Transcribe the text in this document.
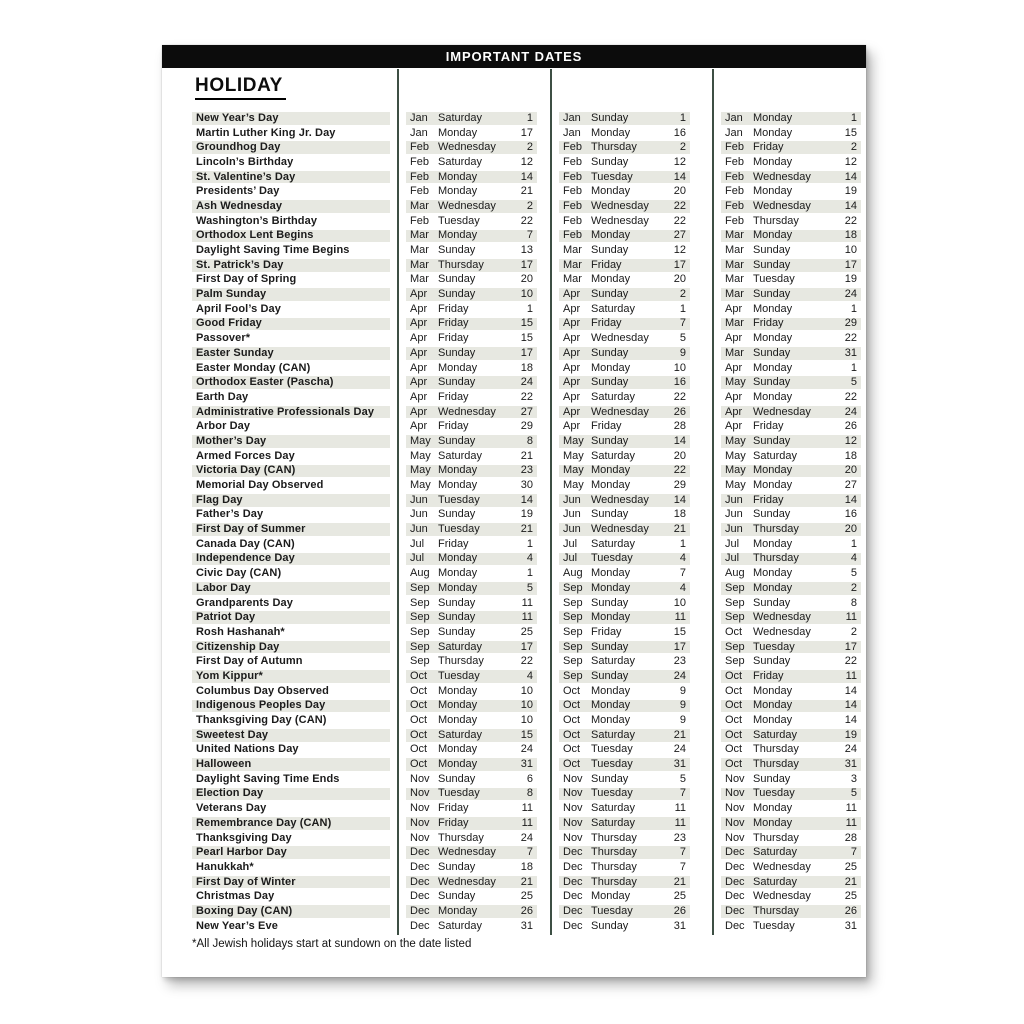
IMPORTANT DATES
HOLIDAY
New Year’s Day	Jan Saturday	1	Jan Sunday	1	Jan Monday	1
Martin Luther King Jr. Day	Jan Monday	17	Jan Monday	16	Jan Monday	15
Groundhog Day	Feb Wednesday	2	Feb Thursday	2	Feb Friday	2
Lincoln’s Birthday	Feb Saturday	12	Feb Sunday	12	Feb Monday	12
St. Valentine’s Day	Feb Monday	14	Feb Tuesday	14	Feb Wednesday	14
Presidents’ Day	Feb Monday	21	Feb Monday	20	Feb Monday	19
Ash Wednesday	Mar Wednesday	2	Feb Wednesday	22	Feb Wednesday	14
Washington’s Birthday	Feb Tuesday	22	Feb Wednesday	22	Feb Thursday	22
Orthodox Lent Begins	Mar Monday	7	Feb Monday	27	Mar Monday	18
Daylight Saving Time Begins	Mar Sunday	13	Mar Sunday	12	Mar Sunday	10
St. Patrick’s Day	Mar Thursday	17	Mar Friday	17	Mar Sunday	17
First Day of Spring	Mar Sunday	20	Mar Monday	20	Mar Tuesday	19
Palm Sunday	Apr Sunday	10	Apr Sunday	2	Mar Sunday	24
April Fool’s Day	Apr Friday	1	Apr Saturday	1	Apr Monday	1
Good Friday	Apr Friday	15	Apr Friday	7	Mar Friday	29
Passover*	Apr Friday	15	Apr Wednesday	5	Apr Monday	22
Easter Sunday	Apr Sunday	17	Apr Sunday	9	Mar Sunday	31
Easter Monday (CAN)	Apr Monday	18	Apr Monday	10	Apr Monday	1
Orthodox Easter (Pascha)	Apr Sunday	24	Apr Sunday	16	May Sunday	5
Earth Day	Apr Friday	22	Apr Saturday	22	Apr Monday	22
Administrative Professionals Day	Apr Wednesday	27	Apr Wednesday	26	Apr Wednesday	24
Arbor Day	Apr Friday	29	Apr Friday	28	Apr Friday	26
Mother’s Day	May Sunday	8	May Sunday	14	May Sunday	12
Armed Forces Day	May Saturday	21	May Saturday	20	May Saturday	18
Victoria Day (CAN)	May Monday	23	May Monday	22	May Monday	20
Memorial Day Observed	May Monday	30	May Monday	29	May Monday	27
Flag Day	Jun Tuesday	14	Jun Wednesday	14	Jun Friday	14
Father’s Day	Jun Sunday	19	Jun Sunday	18	Jun Sunday	16
First Day of Summer	Jun Tuesday	21	Jun Wednesday	21	Jun Thursday	20
Canada Day (CAN)	Jul	Friday	1	Jul	Saturday	1	Jul	Monday	1
Independence Day	Jul	Monday	4	Jul	Tuesday	4	Jul	Thursday	4
Civic Day (CAN)	Aug Monday	1	Aug Monday	7	Aug Monday	5
Labor Day	Sep Monday	5	Sep Monday	4	Sep Monday	2
Grandparents Day	Sep Sunday	11	Sep Sunday	10	Sep Sunday	8
Patriot Day	Sep Sunday	11	Sep Monday	11	Sep Wednesday	11
Rosh Hashanah*	Sep Sunday	25	Sep Friday	15	Oct Wednesday	2
Citizenship Day	Sep Saturday	17	Sep Sunday	17	Sep Tuesday	17
First Day of Autumn	Sep Thursday	22	Sep Saturday	23	Sep Sunday	22
Yom Kippur*	Oct Tuesday	4	Sep Sunday	24	Oct Friday	11
Columbus Day Observed	Oct Monday	10	Oct Monday	9	Oct Monday	14
Indigenous Peoples Day	Oct Monday	10	Oct Monday	9	Oct Monday	14
Thanksgiving Day (CAN)	Oct Monday	10	Oct Monday	9	Oct Monday	14
Sweetest Day	Oct Saturday	15	Oct Saturday	21	Oct Saturday	19
United Nations Day	Oct Monday	24	Oct Tuesday	24	Oct Thursday	24
Halloween	Oct Monday	31	Oct Tuesday	31	Oct Thursday	31
Daylight Saving Time Ends	Nov Sunday	6	Nov Sunday	5	Nov Sunday	3
Election Day	Nov Tuesday	8	Nov Tuesday	7	Nov Tuesday	5
Veterans Day	Nov Friday	11	Nov Saturday	11	Nov Monday	11
Remembrance Day (CAN)	Nov Friday	11	Nov Saturday	11	Nov Monday	11
Thanksgiving Day	Nov Thursday	24	Nov Thursday	23	Nov Thursday	28
Pearl Harbor Day	Dec Wednesday	7	Dec Thursday	7	Dec Saturday	7
Hanukkah*	Dec Sunday	18	Dec Thursday	7	Dec Wednesday	25
First Day of Winter	Dec Wednesday	21	Dec Thursday	21	Dec Saturday	21
Christmas Day	Dec Sunday	25	Dec Monday	25	Dec Wednesday	25
Boxing Day (CAN)	Dec Monday	26	Dec Tuesday	26	Dec Thursday	26
New Year’s Eve	Dec Saturday	31	Dec Sunday	31	Dec Tuesday	31
*All Jewish holidays start at sundown on the date listed
